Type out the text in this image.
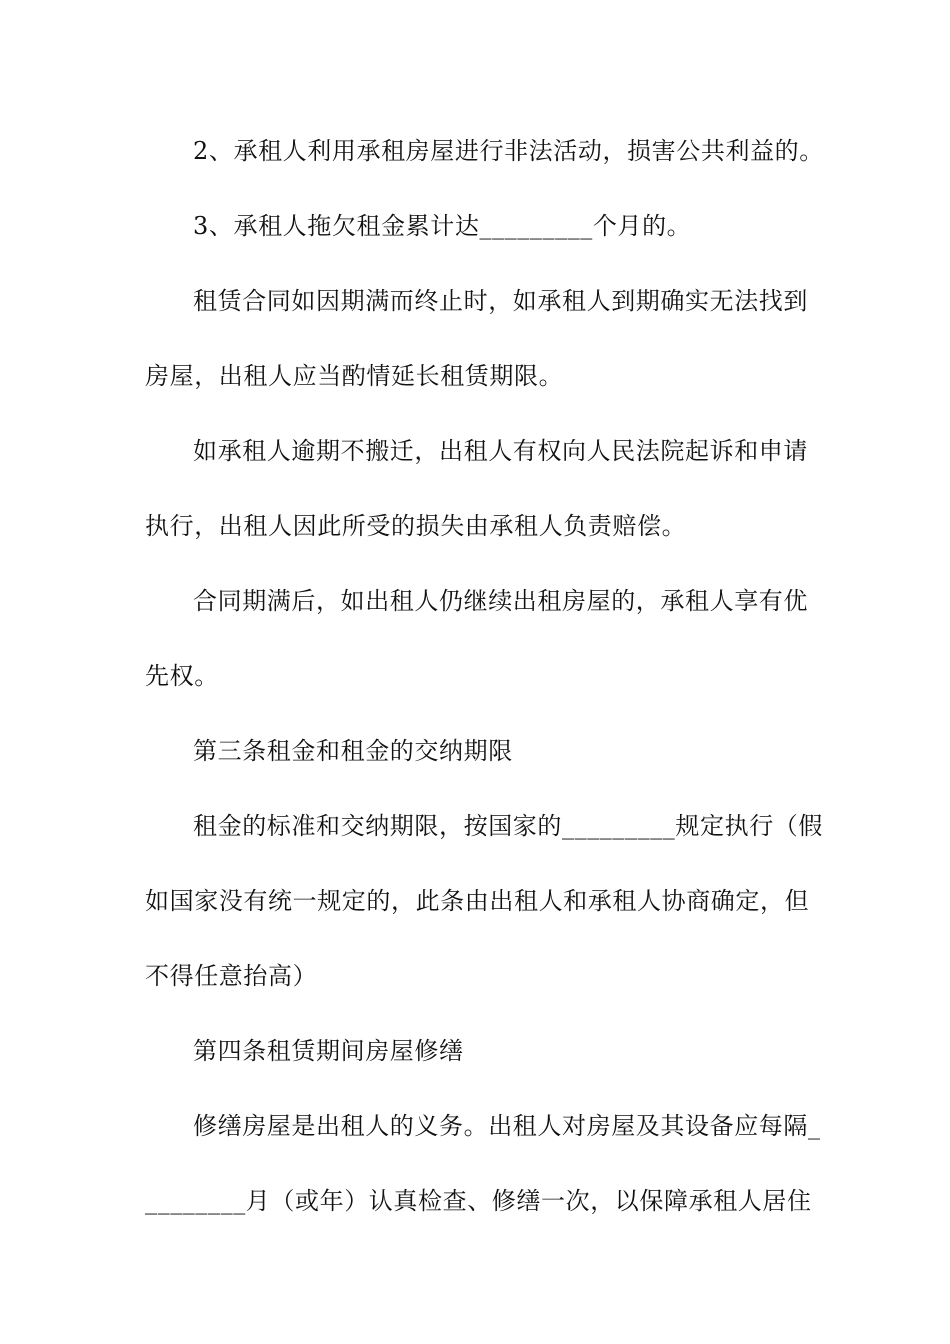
2、承租人利用承租房屋进行非法活动，损害公共利益的。
3、承租人拖欠租金累计达_________个月的。
租赁合同如因期满而终止时，如承租人到期确实无法找到
房屋，出租人应当酌情延长租赁期限。
如承租人逾期不搬迁，出租人有权向人民法院起诉和申请
执行，出租人因此所受的损失由承租人负责赔偿。
合同期满后，如出租人仍继续出租房屋的，承租人享有优
先权。
第三条租金和租金的交纳期限
租金的标准和交纳期限，按国家的_________规定执行（假
如国家没有统一规定的，此条由出租人和承租人协商确定，但
不得任意抬高）
第四条租赁期间房屋修缮
修缮房屋是出租人的义务。出租人对房屋及其设备应每隔_
________月（或年）认真检查、修缮一次，以保障承租人居住
